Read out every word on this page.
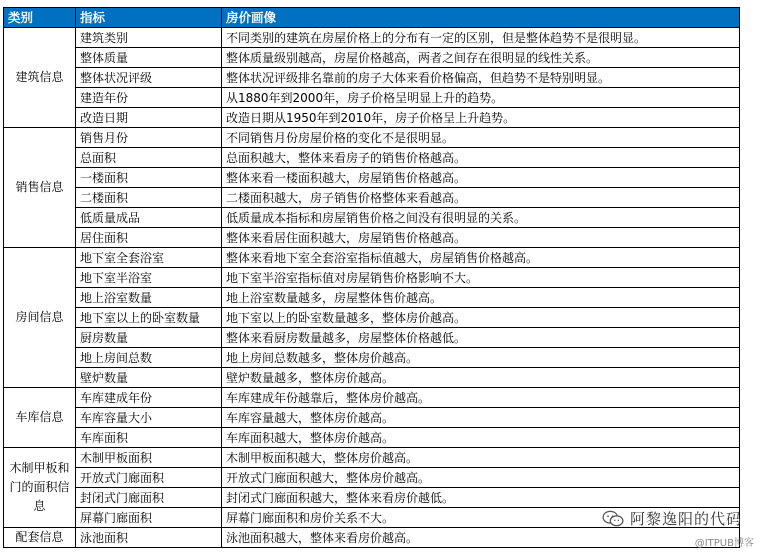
类别	指标	房价画像
建筑信息	建筑类别	不同类别的建筑在房屋价格上的分布有一定的区别，但是整体趋势不是很明显。
	整体质量	整体质量级别越高，房屋价格越高，两者之间存在很明显的线性关系。
	整体状况评级	整体状况评级排名靠前的房子大体来看价格偏高，但趋势不是特别明显。
	建造年份	从1880年到2000年，房子价格呈明显上升的趋势。
	改造日期	改造日期从1950年到2010年，房子价格呈上升趋势。
销售信息	销售月份	不同销售月份房屋价格的变化不是很明显。
	总面积	总面积越大，整体来看房子的销售价格越高。
	一楼面积	整体来看一楼面积越大，房屋销售价格越高。
	二楼面积	二楼面积越大，房子销售价格整体来看越高。
	低质量成品	低质量成本指标和房屋销售价格之间没有很明显的关系。
	居住面积	整体来看居住面积越大，房屋销售价格越高。
房间信息	地下室全套浴室	整体来看地下室全套浴室指标值越大，房屋销售价格越高。
	地下室半浴室	地下室半浴室指标值对房屋销售价格影响不大。
	地上浴室数量	地上浴室数量越多，房屋整体售价越高。
	地下室以上的卧室数量	地下室以上的卧室数量越多，整体房价越高。
	厨房数量	整体来看厨房数量越多，房屋整体价格越低。
	地上房间总数	地上房间总数越多，整体房价越高。
	壁炉数量	壁炉数量越多，整体房价越高。
车库信息	车库建成年份	车库建成年份越靠后，整体房价越高。
	车库容量大小	车库容量越大，整体房价越高。
	车库面积	车库面积越大，整体房价越高。
木制甲板和门的面积信息	木制甲板面积	木制甲板面积越大，整体房价越高。
	开放式门廊面积	开放式门廊面积越大，整体房价越高。
	封闭式门廊面积	封闭式门廊面积越大，整体来看房价越低。
	屏幕门廊面积	屏幕门廊面积和房价关系不大。
配套信息	泳池面积	泳池面积越大，整体来看房价越高。
阿黎逸阳的代码
@ITPUB博客
